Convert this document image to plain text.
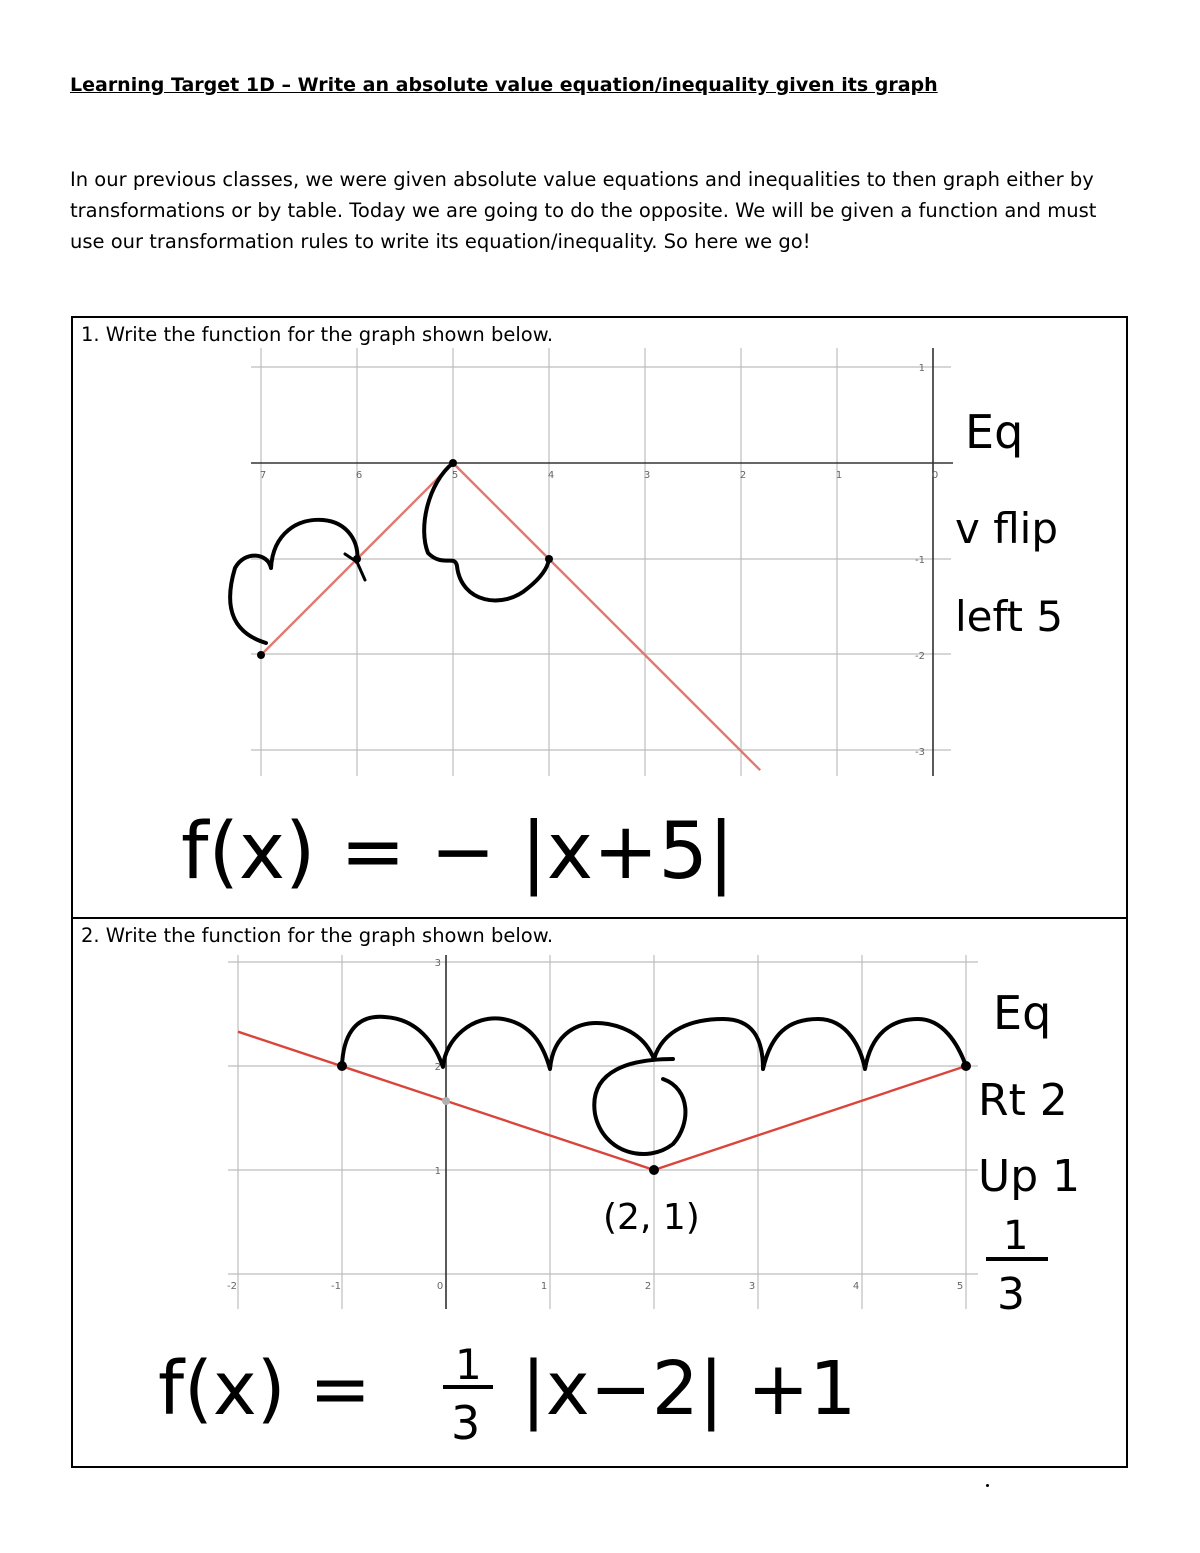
Learning Target 1D – Write an absolute value equation/inequality given its graph

In our previous classes, we were given absolute value equations and inequalities to then graph either by transformations or by table. Today we are going to do the opposite. We will be given a function and must use our transformation rules to write its equation/inequality. So here we go!

1. Write the function for the graph shown below.
7	6	5	4	3	2	1	0
1
-1
-2
-3
Eq
v flip
left 5
f(x) = − |x+5|
2. Write the function for the graph shown below.
-2	-1	0	1	2	3	4	5
3
2
1
Eq
Rt 2
Up 1
1
3
(2, 1)
f(x) = 1
3 |x−2| +1
